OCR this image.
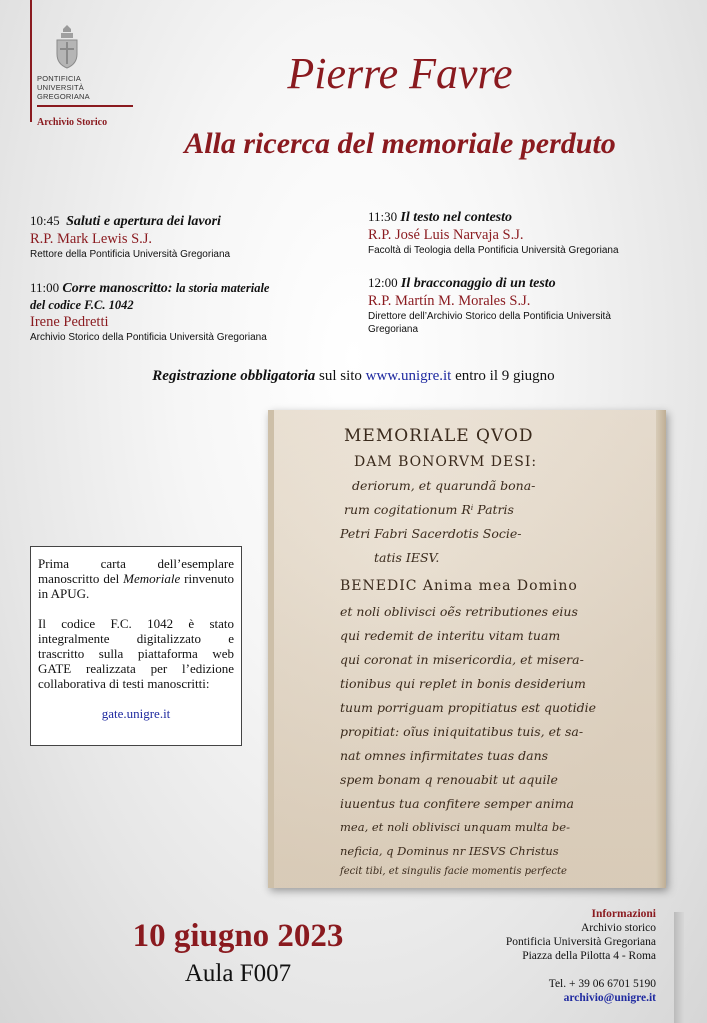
PONTIFICIA
UNIVERSITÀ
GREGORIANA
Archivio Storico
Pierre Favre
Alla ricerca del memoriale perduto
10:45 Saluti e apertura dei lavori
R.P. Mark Lewis S.J.
Rettore della Pontificia Università Gregoriana
11:00 Corre manoscritto: la storia materiale
del codice F.C. 1042
Irene Pedretti
Archivio Storico della Pontificia Università Gregoriana
11:30 Il testo nel contesto
R.P. José Luis Narvaja S.J.
Facoltà di Teologia della Pontificia Università Gregoriana
12:00 Il bracconaggio di un testo
R.P. Martín M. Morales S.J.
Direttore dell’Archivio Storico della Pontificia Università
Gregoriana
Registrazione obbligatoria sul sito www.unigre.it entro il 9 giugno
MEMORIALE QVOD
DAM BONORVM DESI:
deriorum, et quarundã bona-
rum cogitationum Rⁱ Patris
Petri Fabri Sacerdotis Socie-
tatis IESV.
BENEDIC Anima mea Domino
et noli oblivisci oẽs retributiones eius
qui redemit de interitu vitam tuam
qui coronat in misericordia, et misera-
tionibus qui replet in bonis desiderium
tuum porriguam propitiatus est quotidie
propitiat: oĩus iniquitatibus tuis, et sa-
nat omnes infirmitates tuas dans
spem bonam q renouabit ut aquile
iuuentus tua confitere semper anima
mea, et noli oblivisci unquam multa be-
neficia, q Dominus nr IESVS Christus
fecit tibi, et singulis facie momentis perfecte

Prima carta dell’esemplare manoscritto del Memoriale rinvenuto in APUG.

Il codice F.C. 1042 è stato integralmente digitalizzato e trascritto sulla piattaforma web GATE realizzata per l’edizione collaborativa di testi manoscritti:

gate.unigre.it
10 giugno 2023
Aula F007
Informazioni
Archivio storico
Pontificia Università Gregoriana
Piazza della Pilotta 4 - Roma
Tel. + 39 06 6701 5190
archivio@unigre.it
